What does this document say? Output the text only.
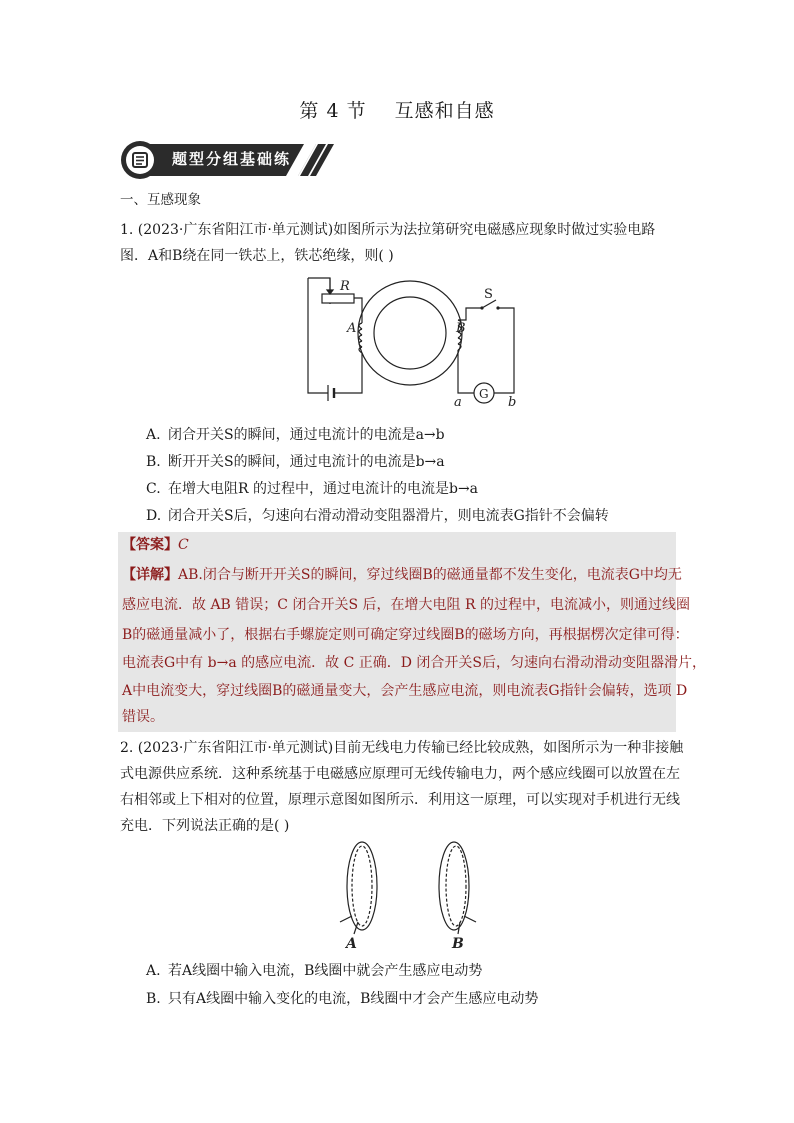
第 4 节 互感和自感
题型分组基础练
一、互感现象
1. (2023·广东省阳江市·单元测试)如图所示为法拉第研究电磁感应现象时做过实验电路
图．A和B绕在同一铁芯上，铁芯绝缘，则( )
R
S
A	B
a	b
G
A. 闭合开关S的瞬间，通过电流计的电流是a→b
B. 断开开关S的瞬间，通过电流计的电流是b→a
C. 在增大电阻R 的过程中，通过电流计的电流是b→a
D. 闭合开关S后，匀速向右滑动滑动变阻器滑片，则电流表G指针不会偏转
【答案】C
【详解】AB.闭合与断开开关S的瞬间，穿过线圈B的磁通量都不发生变化，电流表G中均无
感应电流．故 AB 错误；C 闭合开关S 后，在增大电阻 R 的过程中，电流减小，则通过线圈
B的磁通量减小了，根据右手螺旋定则可确定穿过线圈B的磁场方向，再根据楞次定律可得：
电流表G中有 b→a 的感应电流．故 C 正确．D 闭合开关S后，匀速向右滑动滑动变阻器滑片，
A中电流变大，穿过线圈B的磁通量变大，会产生感应电流，则电流表G指针会偏转，选项 D
错误。
2. (2023·广东省阳江市·单元测试)目前无线电力传输已经比较成熟，如图所示为一种非接触
式电源供应系统．这种系统基于电磁感应原理可无线传输电力，两个感应线圈可以放置在左
右相邻或上下相对的位置，原理示意图如图所示．利用这一原理，可以实现对手机进行无线
充电．下列说法正确的是( )
A	B
A. 若A线圈中输入电流，B线圈中就会产生感应电动势
B. 只有A线圈中输入变化的电流，B线圈中才会产生感应电动势
